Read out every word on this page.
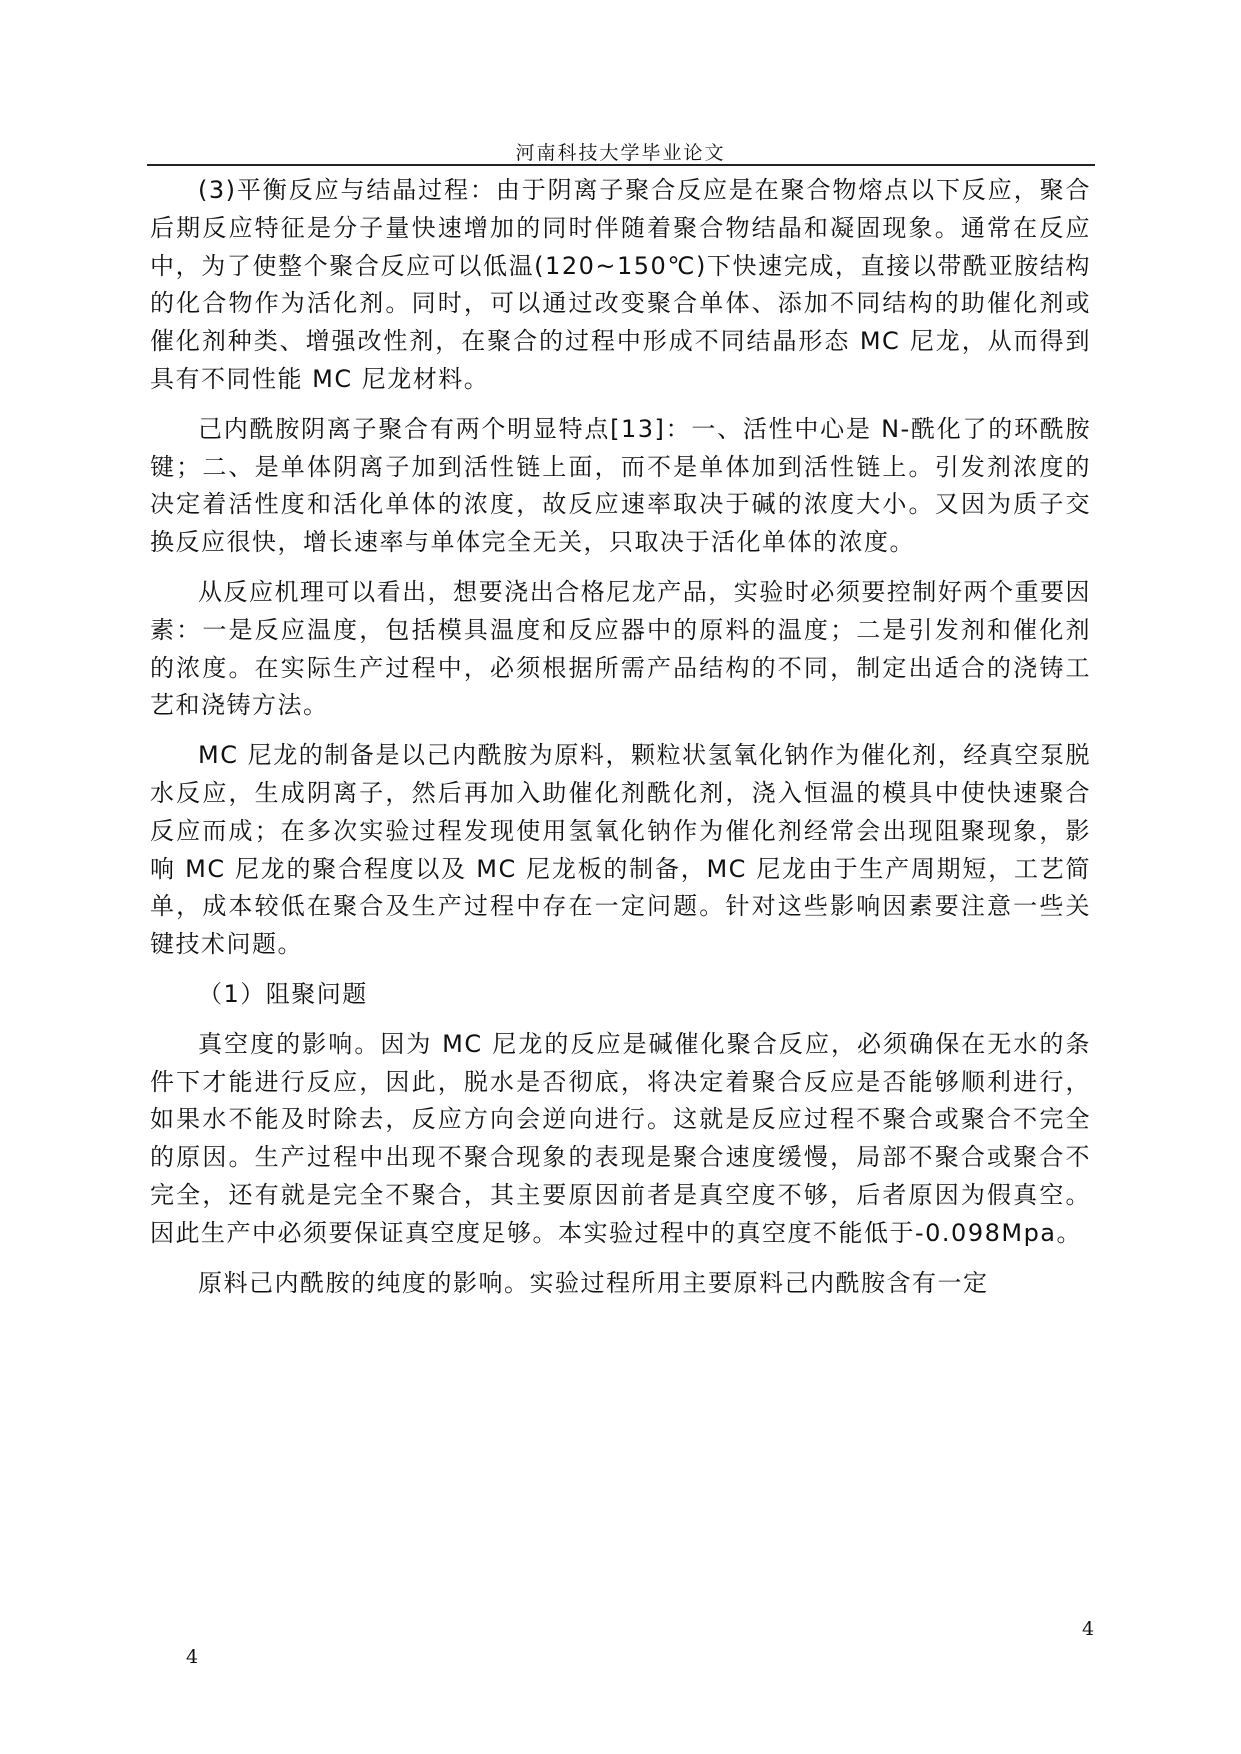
河南科技大学毕业论文

(3)平衡反应与结晶过程：由于阴离子聚合反应是在聚合物熔点以下反应，聚合后期反应特征是分子量快速增加的同时伴随着聚合物结晶和凝固现象。通常在反应中，为了使整个聚合反应可以低温(120~150℃)下快速完成，直接以带酰亚胺结构的化合物作为活化剂。同时，可以通过改变聚合单体、添加不同结构的助催化剂或催化剂种类、增强改性剂，在聚合的过程中形成不同结晶形态 MC 尼龙，从而得到具有不同性能 MC 尼龙材料。

己内酰胺阴离子聚合有两个明显特点[13]：一、活性中心是 N-酰化了的环酰胺键；二、是单体阴离子加到活性链上面，而不是单体加到活性链上。引发剂浓度的决定着活性度和活化单体的浓度，故反应速率取决于碱的浓度大小。又因为质子交换反应很快，增长速率与单体完全无关，只取决于活化单体的浓度。

从反应机理可以看出，想要浇出合格尼龙产品，实验时必须要控制好两个重要因素：一是反应温度，包括模具温度和反应器中的原料的温度；二是引发剂和催化剂的浓度。在实际生产过程中，必须根据所需产品结构的不同，制定出适合的浇铸工艺和浇铸方法。

MC 尼龙的制备是以己内酰胺为原料，颗粒状氢氧化钠作为催化剂，经真空泵脱水反应，生成阴离子，然后再加入助催化剂酰化剂，浇入恒温的模具中使快速聚合反应而成；在多次实验过程发现使用氢氧化钠作为催化剂经常会出现阻聚现象，影响 MC 尼龙的聚合程度以及 MC 尼龙板的制备，MC 尼龙由于生产周期短，工艺简单，成本较低在聚合及生产过程中存在一定问题。针对这些影响因素要注意一些关键技术问题。

（1）阻聚问题

真空度的影响。因为 MC 尼龙的反应是碱催化聚合反应，必须确保在无水的条件下才能进行反应，因此，脱水是否彻底，将决定着聚合反应是否能够顺利进行，如果水不能及时除去，反应方向会逆向进行。这就是反应过程不聚合或聚合不完全的原因。生产过程中出现不聚合现象的表现是聚合速度缓慢，局部不聚合或聚合不完全，还有就是完全不聚合，其主要原因前者是真空度不够，后者原因为假真空。因此生产中必须要保证真空度足够。本实验过程中的真空度不能低于-0.098Mpa。

原料己内酰胺的纯度的影响。实验过程所用主要原料己内酰胺含有一定

4
4
